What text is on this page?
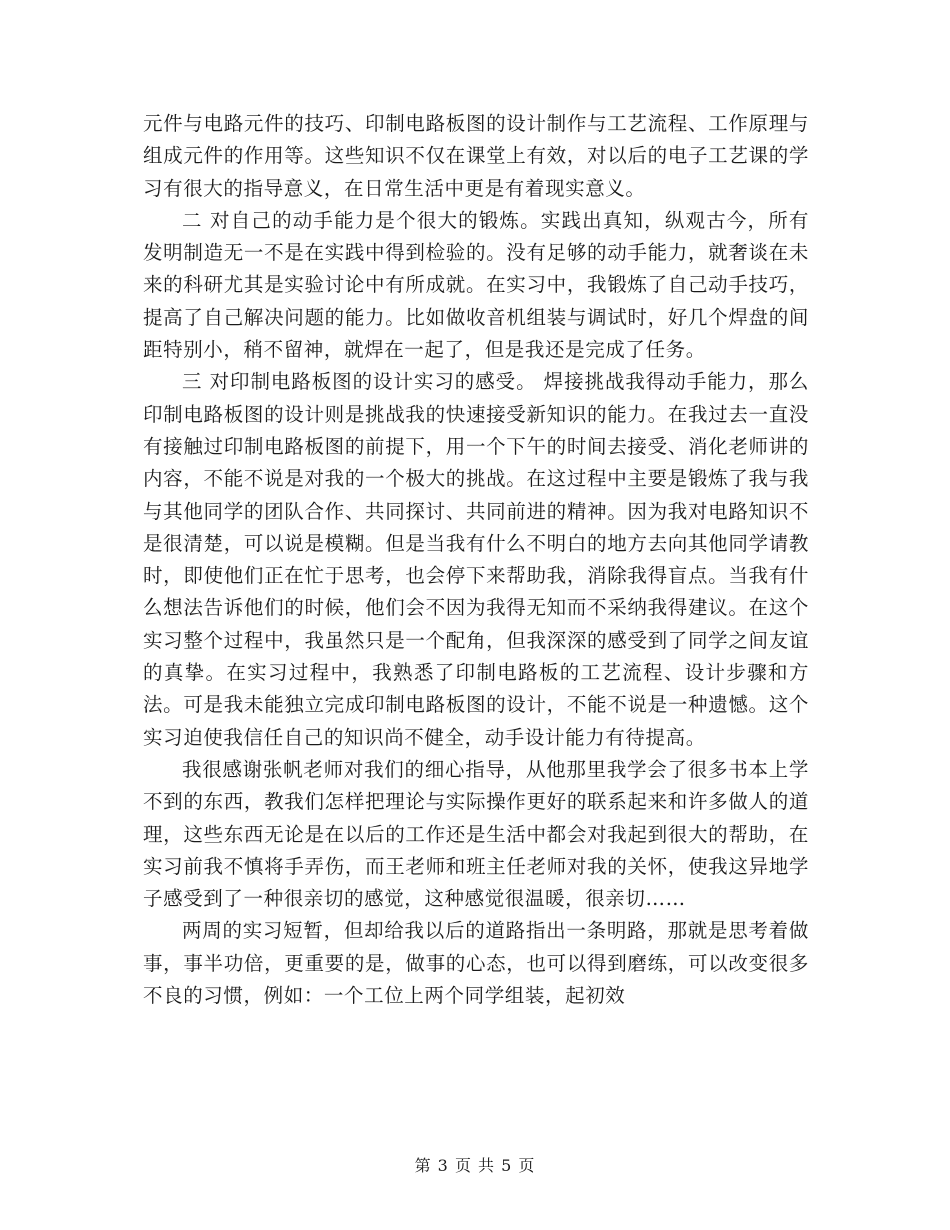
元件与电路元件的技巧、印制电路板图的设计制作与工艺流程、工作原理与组成元件的作用等。这些知识不仅在课堂上有效，对以后的电子工艺课的学习有很大的指导意义，在日常生活中更是有着现实意义。

二 对自己的动手能力是个很大的锻炼。实践出真知，纵观古今，所有发明制造无一不是在实践中得到检验的。没有足够的动手能力，就奢谈在未来的科研尤其是实验讨论中有所成就。在实习中，我锻炼了自己动手技巧，提高了自己解决问题的能力。比如做收音机组装与调试时，好几个焊盘的间距特别小，稍不留神，就焊在一起了，但是我还是完成了任务。

三 对印制电路板图的设计实习的感受。 焊接挑战我得动手能力，那么印制电路板图的设计则是挑战我的快速接受新知识的能力。在我过去一直没有接触过印制电路板图的前提下，用一个下午的时间去接受、消化老师讲的内容，不能不说是对我的一个极大的挑战。在这过程中主要是锻炼了我与我与其他同学的团队合作、共同探讨、共同前进的精神。因为我对电路知识不是很清楚，可以说是模糊。但是当我有什么不明白的地方去向其他同学请教时，即使他们正在忙于思考，也会停下来帮助我，消除我得盲点。当我有什么想法告诉他们的时候，他们会不因为我得无知而不采纳我得建议。在这个实习整个过程中，我虽然只是一个配角，但我深深的感受到了同学之间友谊的真挚。在实习过程中，我熟悉了印制电路板的工艺流程、设计步骤和方法。可是我未能独立完成印制电路板图的设计，不能不说是一种遗憾。这个实习迫使我信任自己的知识尚不健全，动手设计能力有待提高。

我很感谢张帆老师对我们的细心指导，从他那里我学会了很多书本上学不到的东西，教我们怎样把理论与实际操作更好的联系起来和许多做人的道理，这些东西无论是在以后的工作还是生活中都会对我起到很大的帮助，在实习前我不慎将手弄伤，而王老师和班主任老师对我的关怀，使我这异地学子感受到了一种很亲切的感觉，这种感觉很温暖，很亲切……

两周的实习短暂，但却给我以后的道路指出一条明路，那就是思考着做事，事半功倍，更重要的是，做事的心态，也可以得到磨练，可以改变很多不良的习惯，例如：一个工位上两个同学组装，起初效

第 3 页 共 5 页
